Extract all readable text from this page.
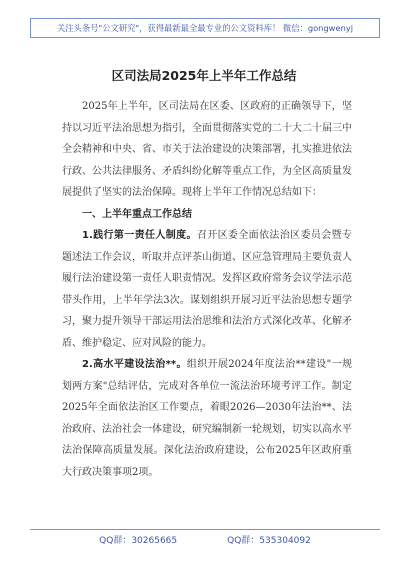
关注头条号"公文研究"，获得最新最全最专业的公文资料库！ 微信：gongwenyj
区司法局2025年上半年工作总结

2025年上半年，区司法局在区委、区政府的正确领导下，坚持以习近平法治思想为指引，全面贯彻落实党的二十大二十届三中全会精神和中央、省、市关于法治建设的决策部署，扎实推进依法行政、公共法律服务、矛盾纠纷化解等重点工作，为全区高质量发展提供了坚实的法治保障。现将上半年工作情况总结如下：

一、上半年重点工作总结

1.践行第一责任人制度。召开区委全面依法治区委员会暨专题述法工作会议，听取并点评茶山街道、区应急管理局主要负责人履行法治建设第一责任人职责情况。发挥区政府常务会议学法示范带头作用，上半年学法3次。谋划组织开展习近平法治思想专题学习，聚力提升领导干部运用法治思维和法治方式深化改革、化解矛盾、维护稳定、应对风险的能力。

2.高水平建设法治**。组织开展2024年度法治**建设"一规划两方案"总结评估，完成对各单位一流法治环境考评工作。制定2025年全面依法治区工作要点，着眼2026—2030年法治**、法治政府、法治社会一体建设，研究编制新一轮规划，切实以高水平法治保障高质量发展。深化法治政府建设，公布2025年区政府重大行政决策事项2项。

QQ群：30265665	QQ群：535304092
